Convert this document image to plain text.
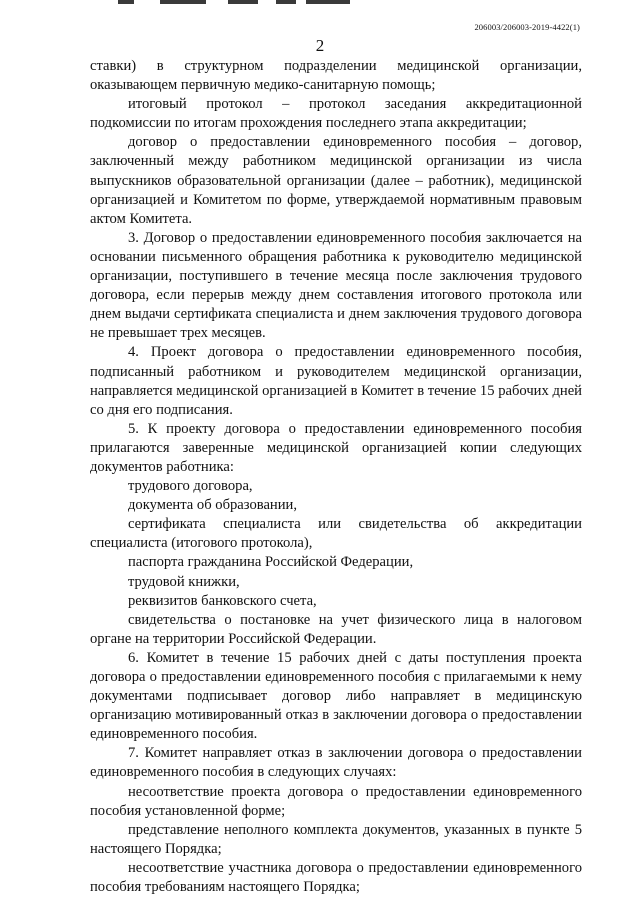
206003/206003-2019-4422(1)
2

ставки) в структурном подразделении медицинской организации, оказывающем первичную медико-санитарную помощь;

итоговый протокол – протокол заседания аккредитационной подкомиссии по итогам прохождения последнего этапа аккредитации;

договор о предоставлении единовременного пособия – договор, заключенный между работником медицинской организации из числа выпускников образовательной организации (далее – работник), медицинской организацией и Комитетом по форме, утверждаемой нормативным правовым актом Комитета.

3. Договор о предоставлении единовременного пособия заключается на основании письменного обращения работника к руководителю медицинской организации, поступившего в течение месяца после заключения трудового договора, если перерыв между днем составления итогового протокола или днем выдачи сертификата специалиста и днем заключения трудового договора не превышает трех месяцев.

4. Проект договора о предоставлении единовременного пособия, подписанный работником и руководителем медицинской организации, направляется медицинской организацией в Комитет в течение 15 рабочих дней со дня его подписания.

5. К проекту договора о предоставлении единовременного пособия прилагаются заверенные медицинской организацией копии следующих документов работника:

трудового договора,

документа об образовании,

сертификата специалиста или свидетельства об аккредитации специалиста (итогового протокола),

паспорта гражданина Российской Федерации,

трудовой книжки,

реквизитов банковского счета,

свидетельства о постановке на учет физического лица в налоговом органе на территории Российской Федерации.

6. Комитет в течение 15 рабочих дней с даты поступления проекта договора о предоставлении единовременного пособия с прилагаемыми к нему документами подписывает договор либо направляет в медицинскую организацию мотивированный отказ в заключении договора о предоставлении единовременного пособия.

7. Комитет направляет отказ в заключении договора о предоставлении единовременного пособия в следующих случаях:

несоответствие проекта договора о предоставлении единовременного пособия установленной форме;

представление неполного комплекта документов, указанных в пункте 5 настоящего Порядка;

несоответствие участника договора о предоставлении единовременного пособия требованиям настоящего Порядка;
